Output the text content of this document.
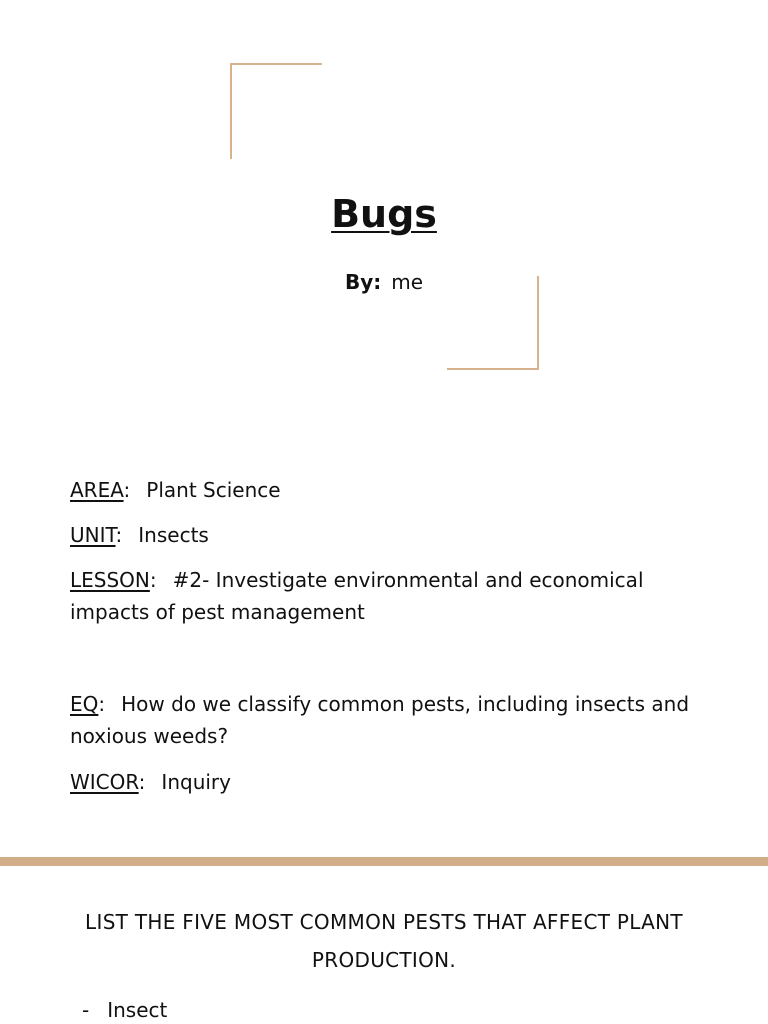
Bugs
By: me
AREA: Plant Science
UNIT: Insects
LESSON: #2- Investigate environmental and economical impacts of pest management
EQ: How do we classify common pests, including insects and noxious weeds?
WICOR: Inquiry
LIST THE FIVE MOST COMMON PESTS THAT AFFECT PLANT PRODUCTION.
- Insect
